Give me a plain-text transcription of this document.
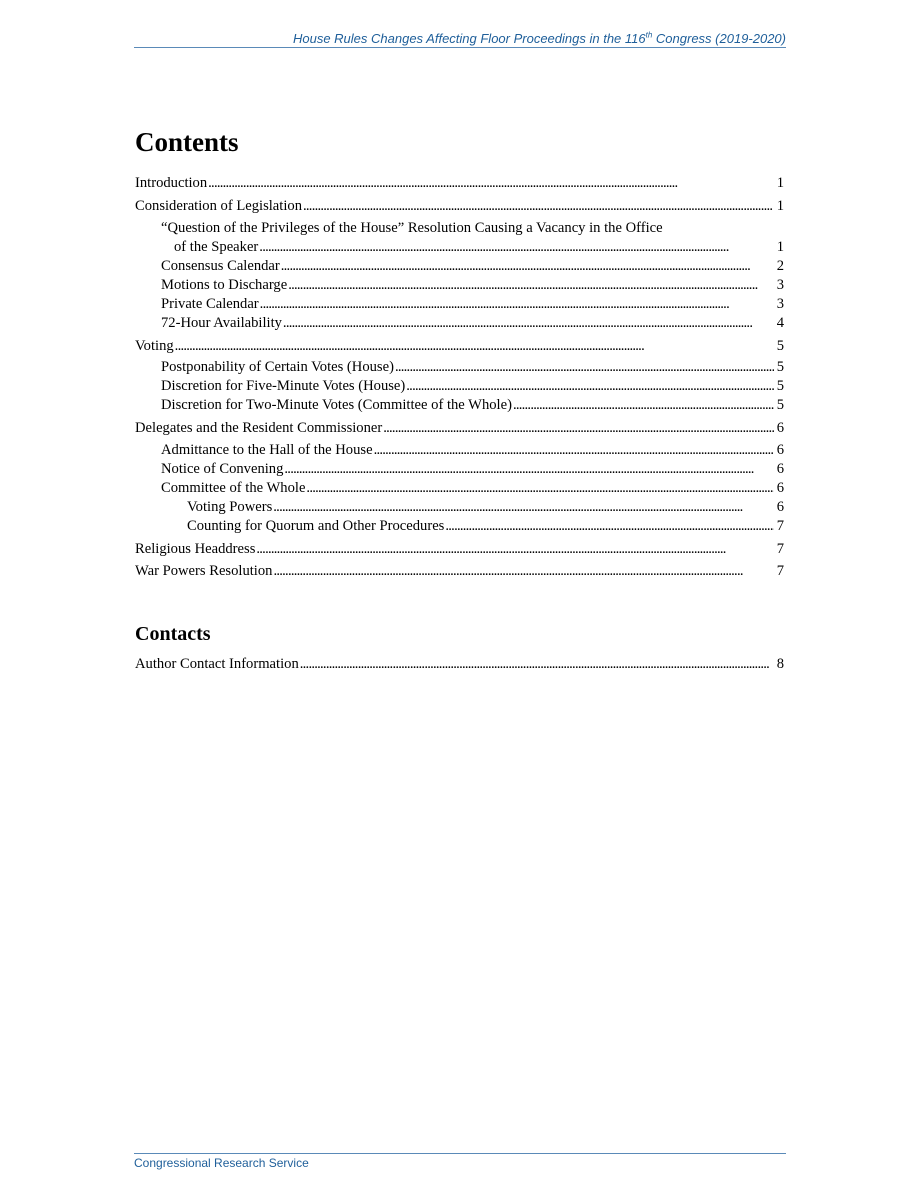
House Rules Changes Affecting Floor Proceedings in the 116th Congress (2019-2020)
Contents
Introduction . . .	1
Consideration of Legislation . . .	1
“Question of the Privileges of the House” Resolution Causing a Vacancy in the Office
of the Speaker . . .	1
Consensus Calendar . . .	2
Motions to Discharge . . .	3
Private Calendar . . .	3
72-Hour Availability . . .	4
Voting . . .	5
Postponability of Certain Votes (House) . . .	5
Discretion for Five-Minute Votes (House) . . .	5
Discretion for Two-Minute Votes (Committee of the Whole) . . .	5
Delegates and the Resident Commissioner . . .	6
Admittance to the Hall of the House . . .	6
Notice of Convening . . .	6
Committee of the Whole . . .	6
Voting Powers . . .	6
Counting for Quorum and Other Procedures . . .	7
Religious Headdress . . .	7
War Powers Resolution . . .	7
Contacts
Author Contact Information . . .	8
Congressional Research Service
